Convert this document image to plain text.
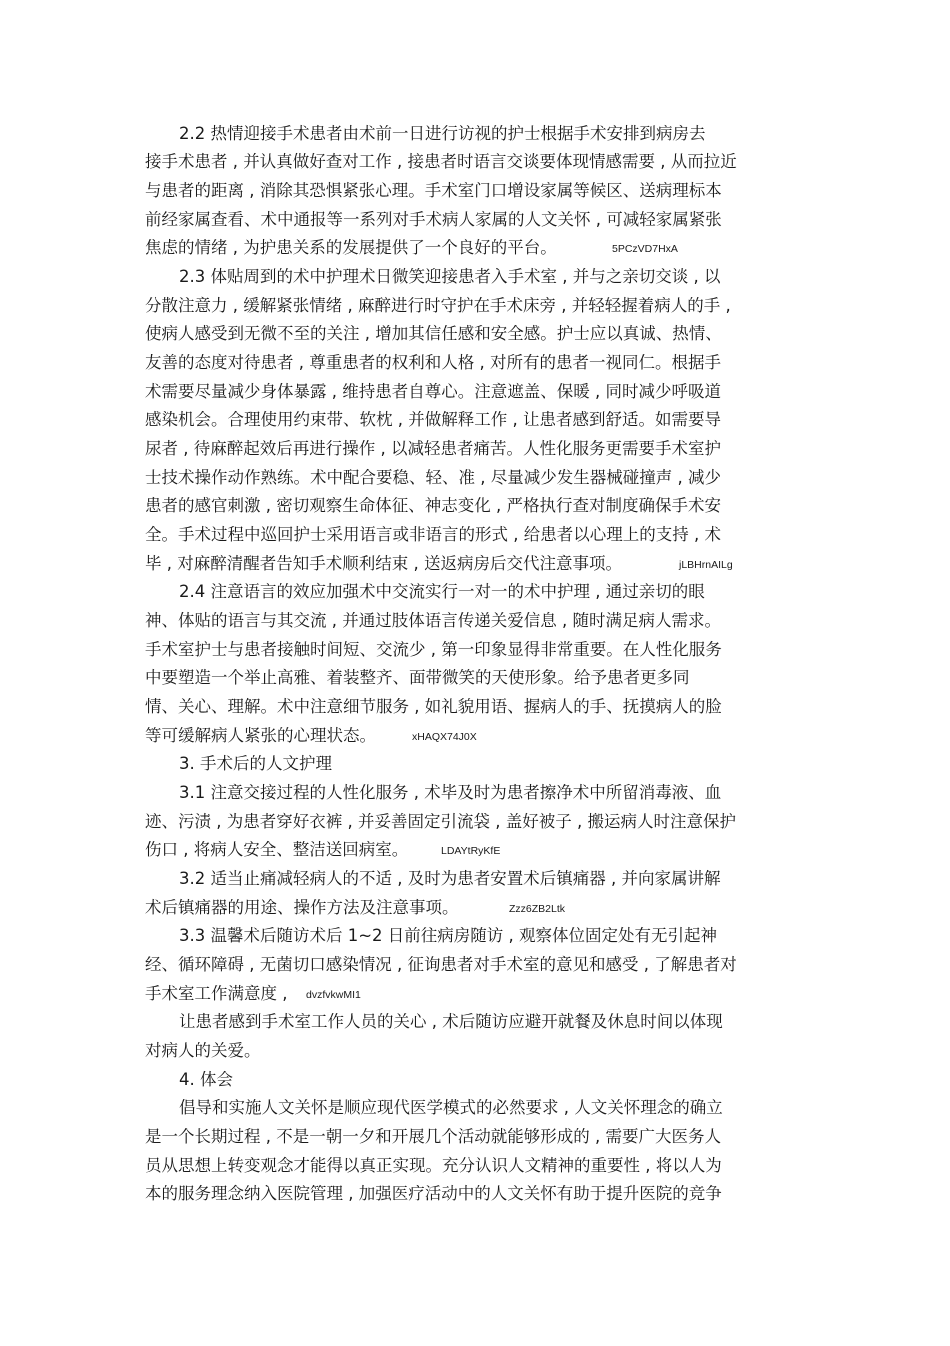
2.2 热情迎接手术患者由术前一日进行访视的护士根据手术安排到病房去
接手术患者 , 并认真做好查对工作 , 接患者时语言交谈要体现情感需要 , 从而拉近
与患者的距离 , 消除其恐惧紧张心理。手术室门口增设家属等候区、送病理标本
前经家属查看、术中通报等一系列对手术病人家属的人文关怀 , 可减轻家属紧张
焦虑的情绪 , 为护患关系的发展提供了一个良好的平台。	5PCzVD7HxA
2.3 体贴周到的术中护理术日微笑迎接患者入手术室 , 并与之亲切交谈 , 以
分散注意力 , 缓解紧张情绪 , 麻醉进行时守护在手术床旁 , 并轻轻握着病人的手 ,
使病人感受到无微不至的关注 , 增加其信任感和安全感。护士应以真诚、热情、
友善的态度对待患者 , 尊重患者的权利和人格 , 对所有的患者一视同仁。根据手
术需要尽量减少身体暴露 , 维持患者自尊心。注意遮盖、保暖 , 同时减少呼吸道
感染机会。合理使用约束带、软枕 , 并做解释工作 , 让患者感到舒适。如需要导
尿者 , 待麻醉起效后再进行操作 , 以减轻患者痛苦。人性化服务更需要手术室护
士技术操作动作熟练。术中配合要稳、轻、准 , 尽量减少发生器械碰撞声 , 减少
患者的感官刺激 , 密切观察生命体征、神志变化 , 严格执行查对制度确保手术安
全。手术过程中巡回护士采用语言或非语言的形式 , 给患者以心理上的支持 , 术
毕 , 对麻醉清醒者告知手术顺利结束 , 送返病房后交代注意事项。	jLBHrnAILg
2.4 注意语言的效应加强术中交流实行一对一的术中护理 , 通过亲切的眼
神、体贴的语言与其交流 , 并通过肢体语言传递关爱信息 , 随时满足病人需求。
手术室护士与患者接触时间短、交流少 , 第一印象显得非常重要。在人性化服务
中要塑造一个举止高雅、着装整齐、面带微笑的天使形象。给予患者更多同
情、关心、理解。术中注意细节服务 , 如礼貌用语、握病人的手、抚摸病人的脸
等可缓解病人紧张的心理状态。	xHAQX74J0X
3. 手术后的人文护理
3.1 注意交接过程的人性化服务 , 术毕及时为患者擦净术中所留消毒液、血
迹、污渍 , 为患者穿好衣裤 , 并妥善固定引流袋 , 盖好被子 , 搬运病人时注意保护
伤口 , 将病人安全、整洁送回病室。	LDAYtRyKfE
3.2 适当止痛减轻病人的不适 , 及时为患者安置术后镇痛器 , 并向家属讲解
术后镇痛器的用途、操作方法及注意事项。	Zzz6ZB2Ltk
3.3 温馨术后随访术后 1~2 日前往病房随访 , 观察体位固定处有无引起神
经、循环障碍 , 无菌切口感染情况 , 征询患者对手术室的意见和感受 , 了解患者对
手术室工作满意度 , dvzfvkwMI1
让患者感到手术室工作人员的关心 , 术后随访应避开就餐及休息时间以体现
对病人的关爱。
4. 体会
倡导和实施人文关怀是顺应现代医学模式的必然要求 , 人文关怀理念的确立
是一个长期过程 , 不是一朝一夕和开展几个活动就能够形成的 , 需要广大医务人
员从思想上转变观念才能得以真正实现。充分认识人文精神的重要性 , 将以人为
本的服务理念纳入医院管理 , 加强医疗活动中的人文关怀有助于提升医院的竞争
